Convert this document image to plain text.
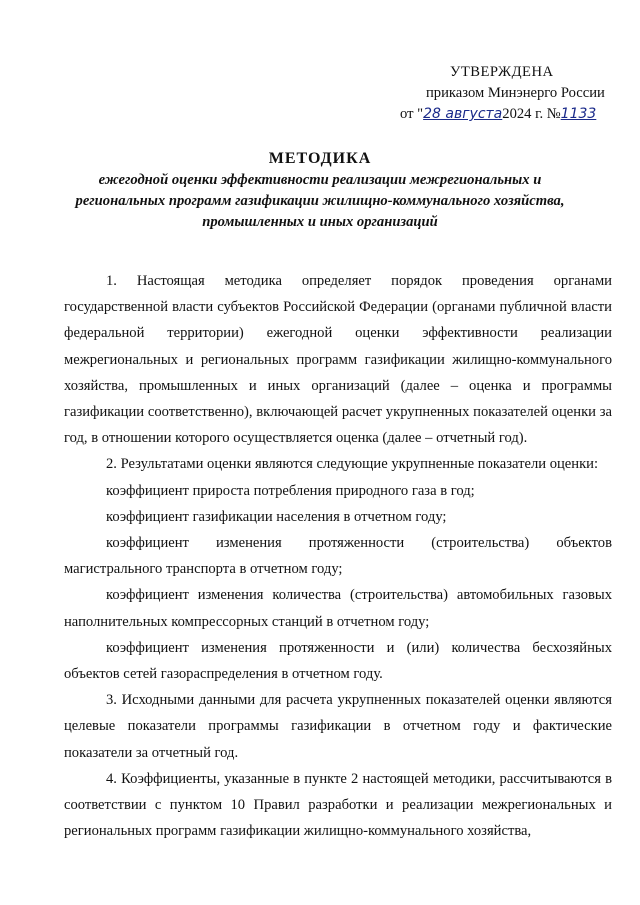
УТВЕРЖДЕНА
приказом Минэнерго России
от "28 августа2024 г. №1133
МЕТОДИКА
ежегодной оценки эффективности реализации межрегиональных и
региональных программ газификации жилищно-коммунального хозяйства,
промышленных и иных организаций

1. Настоящая методика определяет порядок проведения органами государственной власти субъектов Российской Федерации (органами публичной власти федеральной территории) ежегодной оценки эффективности реализации межрегиональных и региональных программ газификации жилищно-коммунального хозяйства, промышленных и иных организаций (далее – оценка и программы газификации соответственно), включающей расчет укрупненных показателей оценки за год, в отношении которого осуществляется оценка (далее – отчетный год).

2. Результатами оценки являются следующие укрупненные показатели оценки:

коэффициент прироста потребления природного газа в год;

коэффициент газификации населения в отчетном году;

коэффициент изменения протяженности (строительства) объектов магистрального транспорта в отчетном году;

коэффициент изменения количества (строительства) автомобильных газовых наполнительных компрессорных станций в отчетном году;

коэффициент изменения протяженности и (или) количества бесхозяйных объектов сетей газораспределения в отчетном году.

3. Исходными данными для расчета укрупненных показателей оценки являются целевые показатели программы газификации в отчетном году и фактические показатели за отчетный год.

4. Коэффициенты, указанные в пункте 2 настоящей методики, рассчитываются в соответствии с пунктом 10 Правил разработки и реализации межрегиональных и региональных программ газификации жилищно-коммунального хозяйства,
